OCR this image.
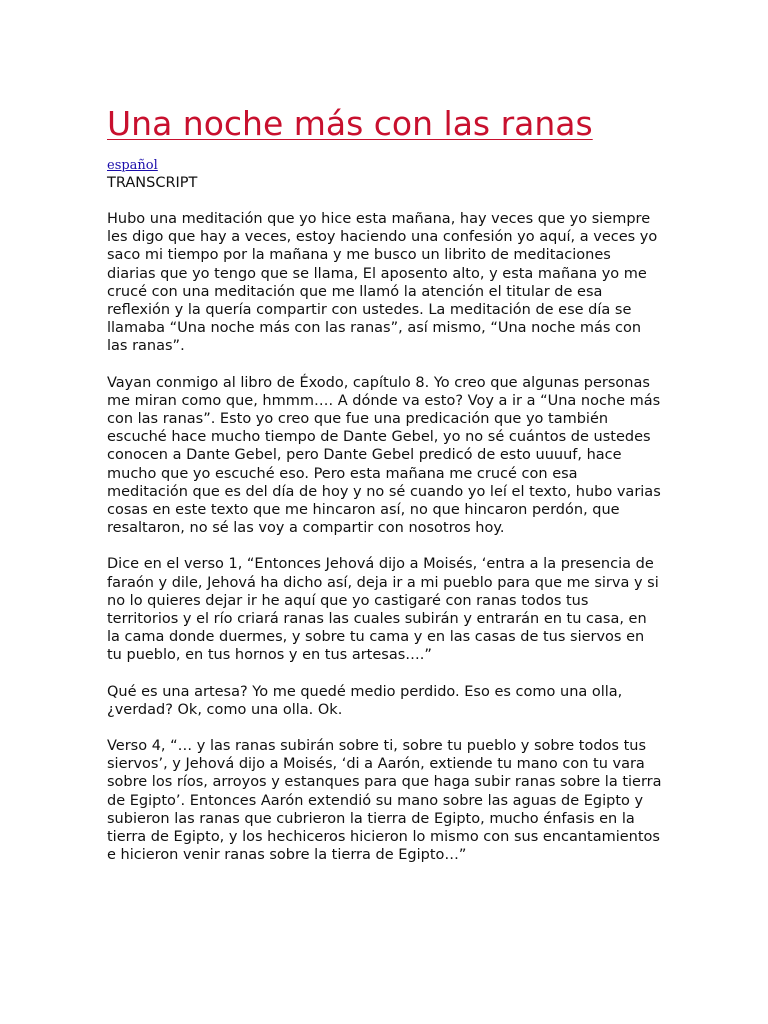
Una noche más con las ranas
español
TRANSCRIPT

Hubo una meditación que yo hice esta mañana, hay veces que yo siempre les digo que hay a veces, estoy haciendo una confesión yo aquí, a veces yo saco mi tiempo por la mañana y me busco un librito de meditaciones diarias que yo tengo que se llama, El aposento alto, y esta mañana yo me crucé con una meditación que me llamó la atención el titular de esa reflexión y la quería compartir con ustedes. La meditación de ese día se llamaba “Una noche más con las ranas”, así mismo, “Una noche más con las ranas”.

Vayan conmigo al libro de Éxodo, capítulo 8. Yo creo que algunas personas me miran como que, hmmm…. A dónde va esto? Voy a ir a “Una noche más con las ranas”. Esto yo creo que fue una predicación que yo también escuché hace mucho tiempo de Dante Gebel, yo no sé cuántos de ustedes conocen a Dante Gebel, pero Dante Gebel predicó de esto uuuuf, hace mucho que yo escuché eso. Pero esta mañana me crucé con esa meditación que es del día de hoy y no sé cuando yo leí el texto, hubo varias cosas en este texto que me hincaron así, no que hincaron perdón, que resaltaron, no sé las voy a compartir con nosotros hoy.

Dice en el verso 1, “Entonces Jehová dijo a Moisés, ‘entra a la presencia de faraón y dile, Jehová ha dicho así, deja ir a mi pueblo para que me sirva y si no lo quieres dejar ir he aquí que yo castigaré con ranas todos tus territorios y el río criará ranas las cuales subirán y entrarán en tu casa, en la cama donde duermes, y sobre tu cama y en las casas de tus siervos en tu pueblo, en tus hornos y en tus artesas….”

Qué es una artesa? Yo me quedé medio perdido. Eso es como una olla, ¿verdad? Ok, como una olla. Ok.

Verso 4, “… y las ranas subirán sobre ti, sobre tu pueblo y sobre todos tus siervos’, y Jehová dijo a Moisés, ‘di a Aarón, extiende tu mano con tu vara sobre los ríos, arroyos y estanques para que haga subir ranas sobre la tierra de Egipto’. Entonces Aarón extendió su mano sobre las aguas de Egipto y subieron las ranas que cubrieron la tierra de Egipto, mucho énfasis en la tierra de Egipto, y los hechiceros hicieron lo mismo con sus encantamientos e hicieron venir ranas sobre la tierra de Egipto…”
